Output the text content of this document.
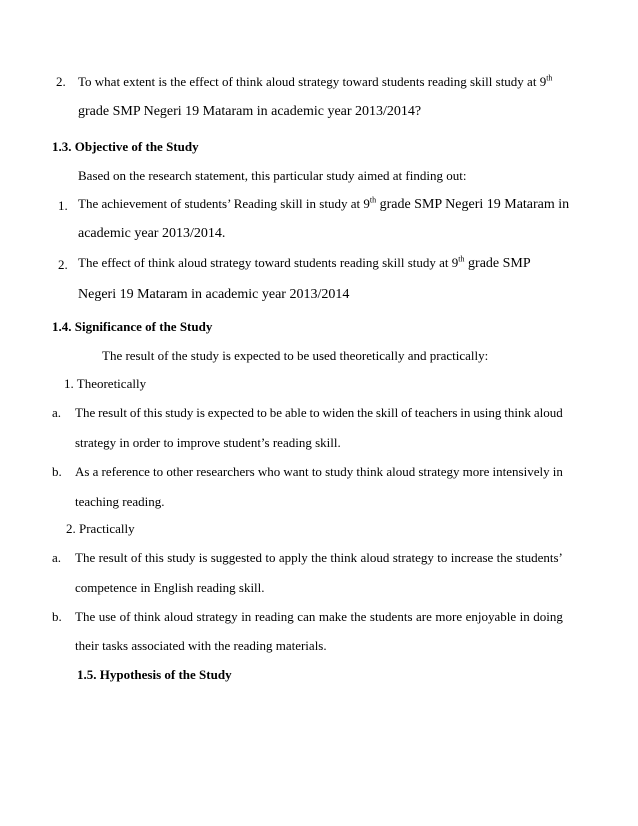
2. To what extent is the effect of think aloud strategy toward students reading skill study at 9th
grade SMP Negeri 19 Mataram in academic year 2013/2014?
1.3. Objective of the Study
Based on the research statement, this particular study aimed at finding out:
1. The achievement of students’ Reading skill in study at 9th grade SMP Negeri 19 Mataram in
academic year 2013/2014.
2. The effect of think aloud strategy toward students reading skill study at 9th grade SMP
Negeri 19 Mataram in academic year 2013/2014
1.4. Significance of the Study
The result of the study is expected to be used theoretically and practically:
1. Theoretically
a. The result of this study is expected to be able to widen the skill of teachers in using think aloud
strategy in order to improve student’s reading skill.
b. As a reference to other researchers who want to study think aloud strategy more intensively in
teaching reading.
2. Practically
a. The result of this study is suggested to apply the think aloud strategy to increase the students’
competence in English reading skill.
b. The use of think aloud strategy in reading can make the students are more enjoyable in doing
their tasks associated with the reading materials.
1.5. Hypothesis of the Study
